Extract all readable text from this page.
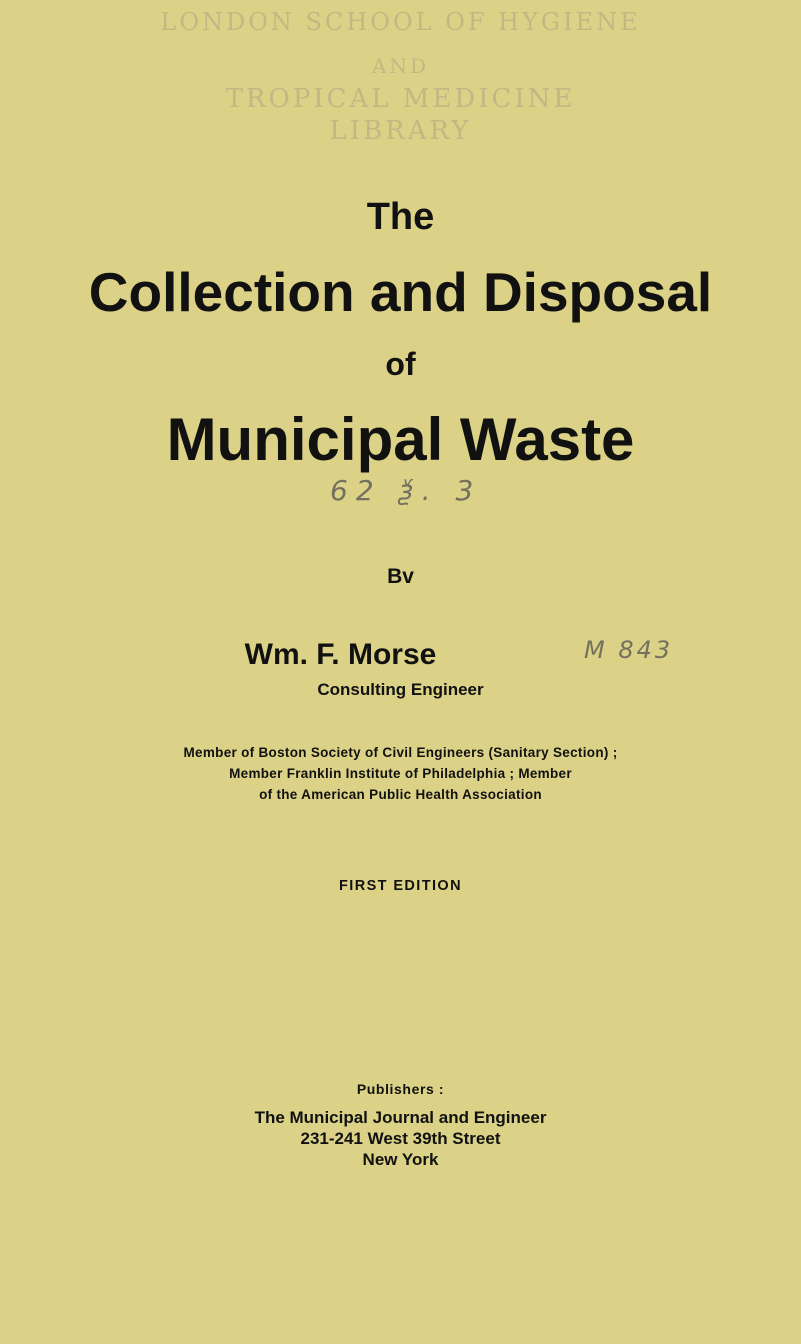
LONDON SCHOOL OF HYGIENE
AND
TROPICAL MEDICINE
LIBRARY
The
Collection and Disposal
of
Municipal Waste
62 ѯ. 3
Bv
Wm. F. Morse	M 843
Consulting Engineer
Member of Boston Society of Civil Engineers (Sanitary Section) ;
Member Franklin Institute of Philadelphia ; Member
of the American Public Health Association
FIRST EDITION
Publishers :
The Municipal Journal and Engineer
231-241 West 39th Street
New York
